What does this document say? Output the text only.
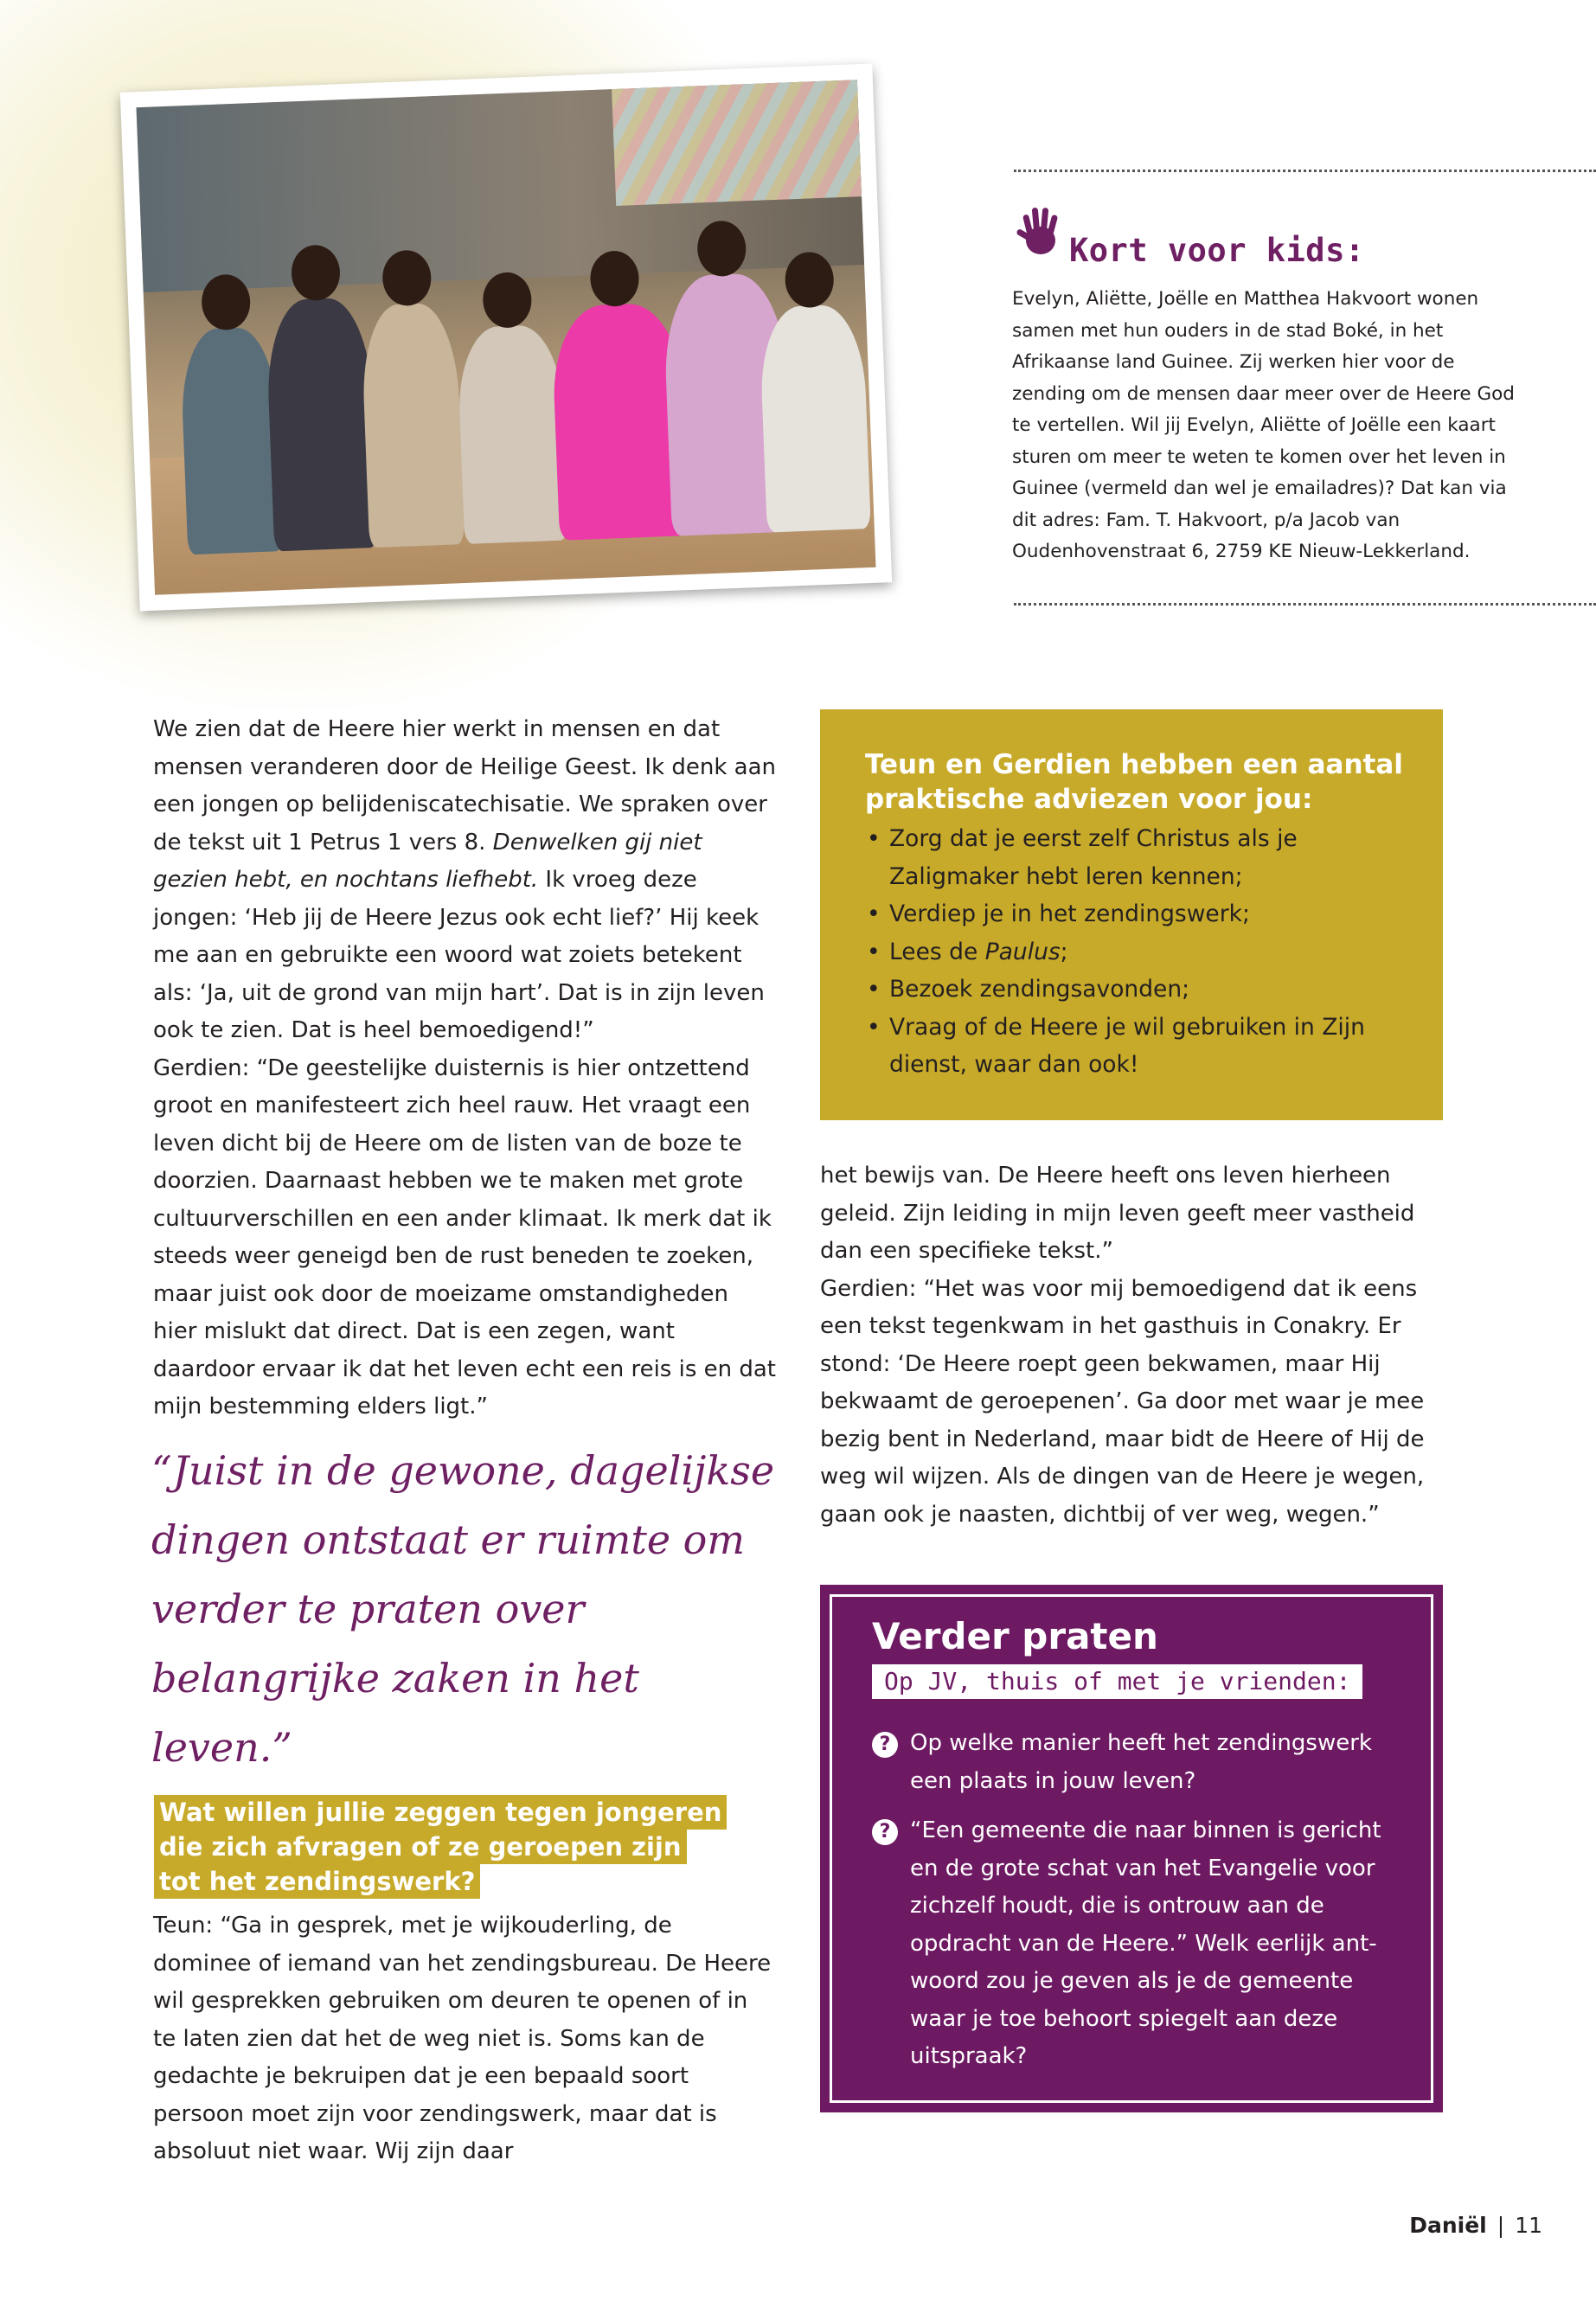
Kort voor kids:

Evelyn, Aliëtte, Joëlle en Matthea Hakvoort wonen samen met hun ouders in de stad Boké, in het Afrikaanse land Guinee. Zij werken hier voor de zending om de mensen daar meer over de Heere God te vertellen. Wil jij Evelyn, Aliëtte of Joëlle een kaart sturen om meer te weten te komen over het leven in Guinee (vermeld dan wel je emailadres)? Dat kan via dit adres: Fam. T. Hakvoort, p/a Jacob van Oudenhovenstraat 6, 2759 KE Nieuw-Lekkerland.

We zien dat de Heere hier werkt in mensen en dat mensen veranderen door de Heilige Geest. Ik denk aan een jongen op belijdeniscatechisatie. We spraken over de tekst uit 1 Petrus 1 vers 8. Denwelken gij niet gezien hebt, en nochtans liefhebt. Ik vroeg deze jongen: ‘Heb jij de Heere Jezus ook echt lief?’ Hij keek me aan en gebruikte een woord wat zoiets betekent als: ‘Ja, uit de grond van mijn hart’. Dat is in zijn leven ook te zien. Dat is heel bemoedigend!”

Gerdien: “De geestelijke duisternis is hier ontzettend groot en manifesteert zich heel rauw. Het vraagt een leven dicht bij de Heere om de listen van de boze te doorzien. Daarnaast hebben we te maken met grote cultuurverschillen en een ander klimaat. Ik merk dat ik steeds weer geneigd ben de rust beneden te zoeken, maar juist ook door de moeizame omstandigheden hier mislukt dat direct. Dat is een zegen, want daardoor ervaar ik dat het leven echt een reis is en dat mijn bestemming elders ligt.”

Teun en Gerdien hebben een aantal praktische adviezen voor jou:
• Zorg dat je eerst zelf Christus als je Zaligmaker hebt leren kennen;
• Verdiep je in het zendingswerk;
• Lees de Paulus;
• Bezoek zendingsavonden;
• Vraag of de Heere je wil gebruiken in Zijn dienst, waar dan ook!

het bewijs van. De Heere heeft ons leven hierheen geleid. Zijn leiding in mijn leven geeft meer vastheid dan een specifieke tekst.”

Gerdien: “Het was voor mij bemoedigend dat ik eens een tekst tegenkwam in het gasthuis in Conakry. Er stond: ‘De Heere roept geen bekwamen, maar Hij bekwaamt de geroepenen’. Ga door met waar je mee bezig bent in Nederland, maar bidt de Heere of Hij de weg wil wijzen. Als de dingen van de Heere je wegen, gaan ook je naasten, dichtbij of ver weg, wegen.”

“Juist in de gewone, dagelijkse dingen ontstaat er ruimte om verder te praten over belangrijke zaken in het leven.”

Wat willen jullie zeggen tegen jongeren
die zich afvragen of ze geroepen zijn
tot het zendingswerk?

Teun: “Ga in gesprek, met je wijkouderling, de dominee of iemand van het zendingsbureau. De Heere wil gesprekken gebruiken om deuren te openen of in te laten zien dat het de weg niet is. Soms kan de gedachte je bekruipen dat je een bepaald soort persoon moet zijn voor zendingswerk, maar dat is absoluut niet waar. Wij zijn daar

Verder praten
Op JV, thuis of met je vrienden:
? Op welke manier heeft het zendingswerk een plaats in jouw leven?
? “Een gemeente die naar binnen is gericht en de grote schat van het Evangelie voor zichzelf houdt, die is ontrouw aan de opdracht van de Heere.” Welk eerlijk antwoord zou je geven als je de gemeente waar je toe behoort spiegelt aan deze uitspraak?
Daniël | 11
